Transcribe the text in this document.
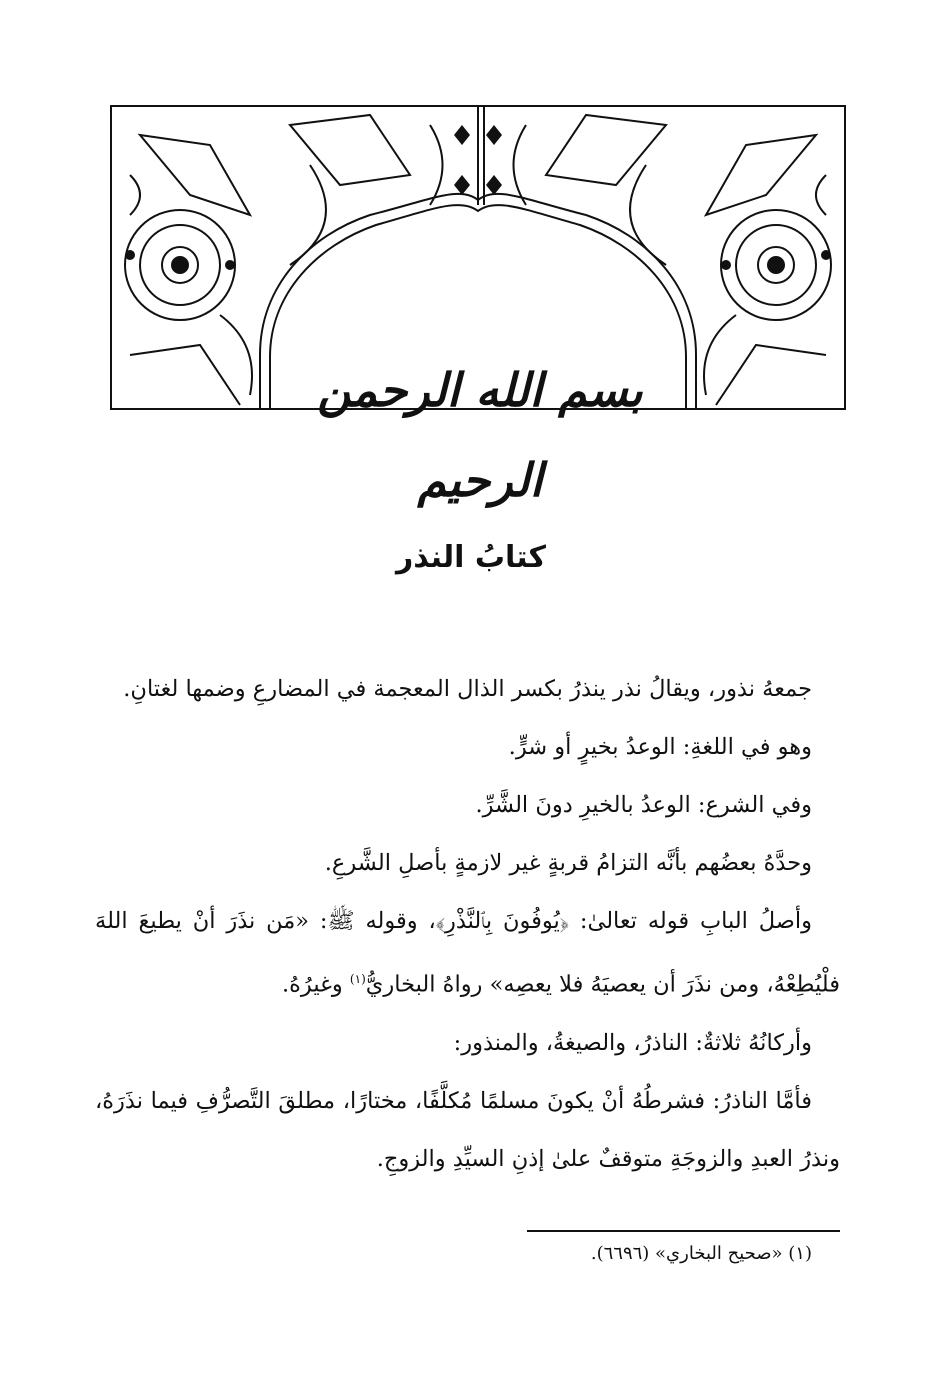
بسم الله الرحمن الرحيم
كتابُ النذر

جمعهُ نذور، ويقالُ نذر ينذرُ بكسر الذال المعجمة في المضارعِ وضمها لغتانِ.

وهو في اللغةِ: الوعدُ بخيرٍ أو شرٍّ.

وفي الشرع: الوعدُ بالخيرِ دونَ الشَّرِّ.

وحدَّهُ بعضُهم بأنَّه التزامُ قربةٍ غير لازمةٍ بأصلِ الشَّرعِ.

وأصلُ البابِ قوله تعالىٰ: ﴿يُوفُونَ بِٱلنَّذْرِ﴾، وقوله ﷺ: «مَن نذَرَ أنْ يطيعَ اللهَ فلْيُطِعْهُ، ومن نذَرَ أن يعصيَهُ فلا يعصِه» رواهُ البخاريُّ$^{(١)}$ وغيرُهُ.

وأركانُهُ ثلاثةٌ: الناذرُ، والصيغةُ، والمنذور:

فأمَّا الناذرُ: فشرطُهُ أنْ يكونَ مسلمًا مُكلَّفًا، مختارًا، مطلقَ التَّصرُّفِ فيما نذَرَهُ، ونذرُ العبدِ والزوجَةِ متوقفٌ علىٰ إذنِ السيِّدِ والزوجِ.

(١) «صحيح البخاري» (٦٦٩٦).
